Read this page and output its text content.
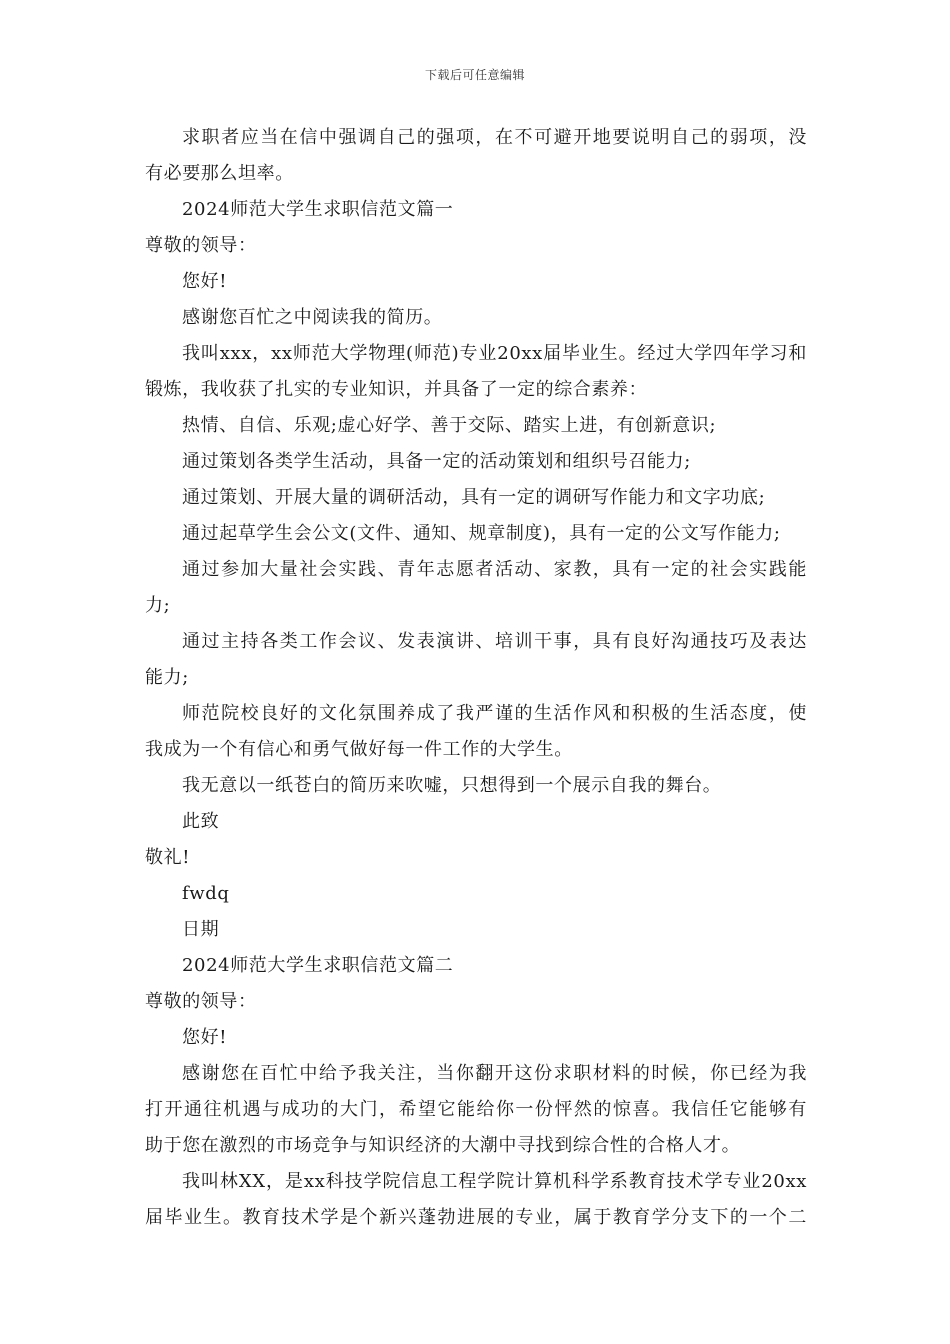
下载后可任意编辑
求职者应当在信中强调自己的强项，在不可避开地要说明自己的弱项，没
有必要那么坦率。
2024师范大学生求职信范文篇一
尊敬的领导：
您好!
感谢您百忙之中阅读我的简历。
我叫xxx，xx师范大学物理(师范)专业20xx届毕业生。经过大学四年学习和
锻炼，我收获了扎实的专业知识，并具备了一定的综合素养：
热情、自信、乐观;虚心好学、善于交际、踏实上进，有创新意识;
通过策划各类学生活动，具备一定的活动策划和组织号召能力;
通过策划、开展大量的调研活动，具有一定的调研写作能力和文字功底;
通过起草学生会公文(文件、通知、规章制度)，具有一定的公文写作能力;
通过参加大量社会实践、青年志愿者活动、家教，具有一定的社会实践能
力;
通过主持各类工作会议、发表演讲、培训干事，具有良好沟通技巧及表达
能力;
师范院校良好的文化氛围养成了我严谨的生活作风和积极的生活态度，使
我成为一个有信心和勇气做好每一件工作的大学生。
我无意以一纸苍白的简历来吹嘘，只想得到一个展示自我的舞台。
此致
敬礼!
fwdq
日期
2024师范大学生求职信范文篇二
尊敬的领导：
您好!
感谢您在百忙中给予我关注，当你翻开这份求职材料的时候，你已经为我
打开通往机遇与成功的大门，希望它能给你一份怦然的惊喜。我信任它能够有
助于您在激烈的市场竞争与知识经济的大潮中寻找到综合性的合格人才。
我叫林XX，是xx科技学院信息工程学院计算机科学系教育技术学专业20xx
届毕业生。教育技术学是个新兴蓬勃进展的专业，属于教育学分支下的一个二
